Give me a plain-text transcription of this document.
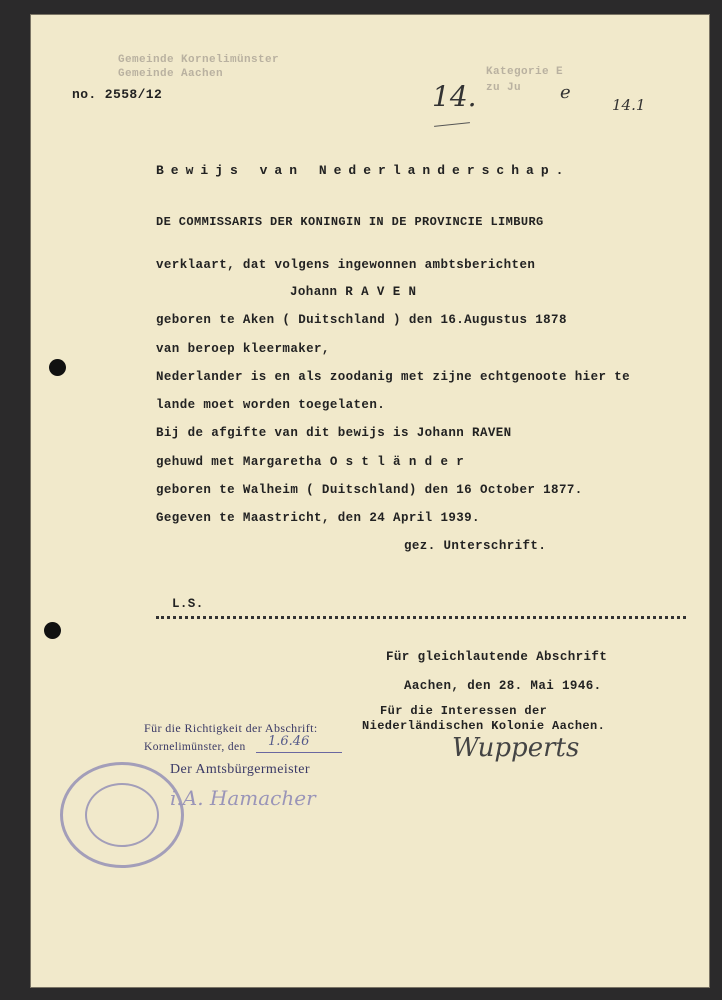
Gemeinde Kornelimünster
Gemeinde Aachen	Kategorie E
zu Ju
no. 2558/12	14.	e
14.1
Bewijs van Nederlanderschap.
DE COMMISSARIS DER KONINGIN IN DE PROVINCIE LIMBURG
verklaart, dat volgens ingewonnen ambtsberichten
Johann R A V E N
geboren te Aken ( Duitschland ) den 16.Augustus 1878
van beroep kleermaker,
Nederlander is en als zoodanig met zijne echtgenoote hier te
lande moet worden toegelaten.
Bij de afgifte van dit bewijs is Johann RAVEN
gehuwd met Margaretha O s t l ä n d e r
geboren te Walheim ( Duitschland) den 16 October 1877.
Gegeven te Maastricht, den 24 April 1939.
gez. Unterschrift.
L.S.
Für gleichlautende Abschrift
Aachen, den 28. Mai 1946.
Für die Interessen der
Niederländischen Kolonie Aachen.
Wupperts
Für die Richtigkeit der Abschrift:
Kornelimünster, den 1.6.46
Der Amtsbürgermeister
i.A. Hamacher
